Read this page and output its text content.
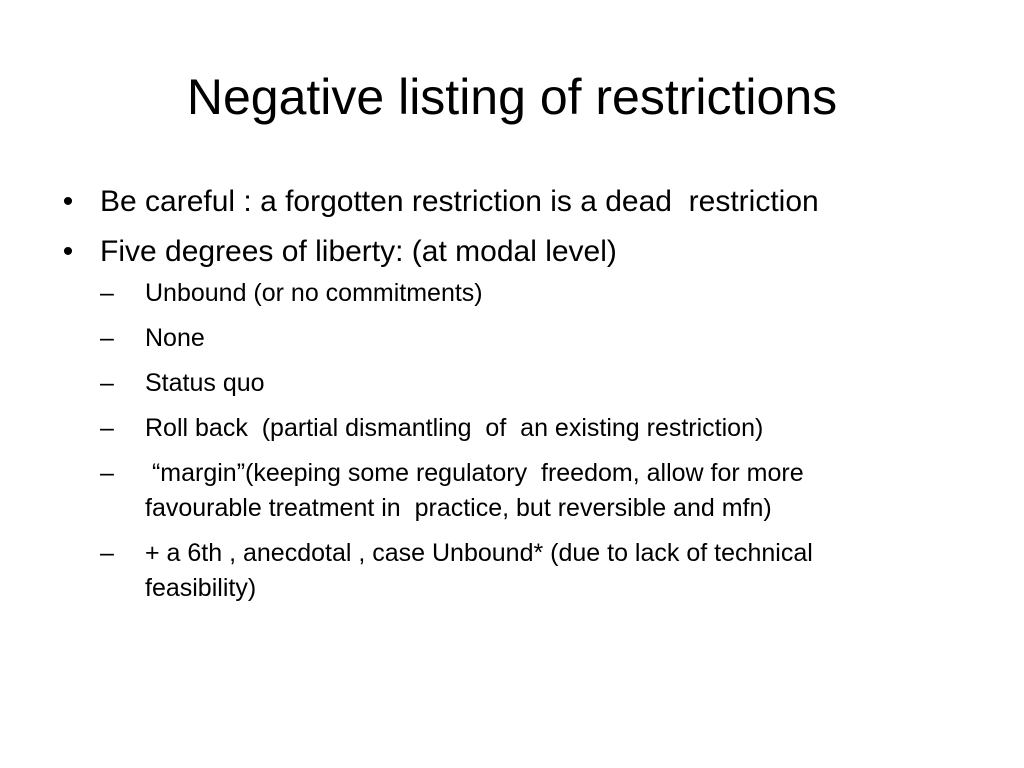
Negative listing of restrictions
• Be careful : a forgotten restriction is a dead  restriction
• Five degrees of liberty: (at modal level)
–	Unbound (or no commitments)
–	None
–	Status quo
–	Roll back  (partial dismantling  of  an existing restriction)
–	“margin”(keeping some regulatory  freedom, allow for more favourable treatment in  practice, but reversible and mfn)
–	+ a 6th , anecdotal , case Unbound* (due to lack of technical feasibility)
